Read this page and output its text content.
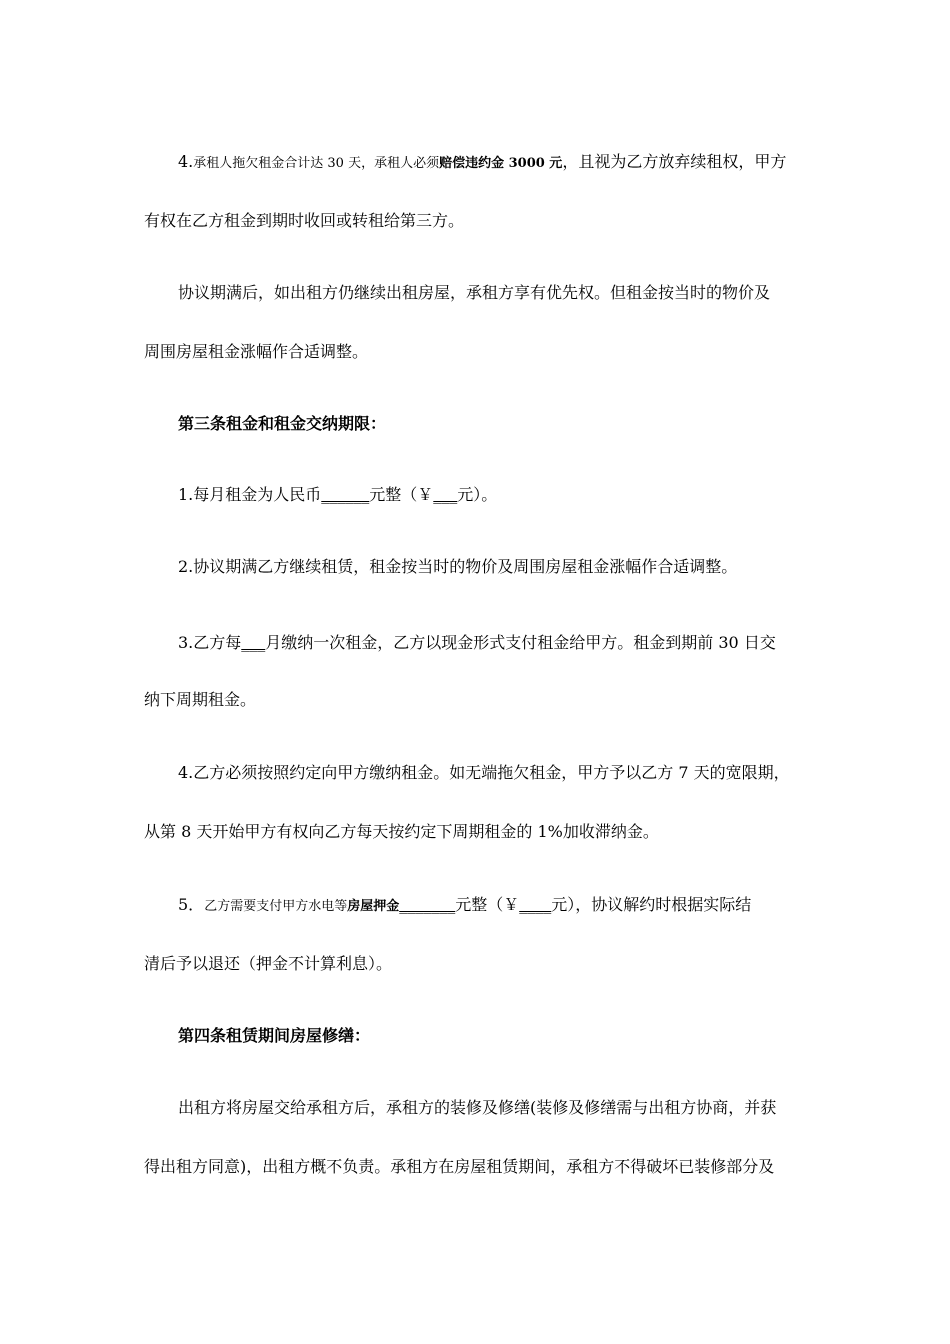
4.承租人拖欠租金合计达 30 天，承租人必须赔偿违约金 3000 元，且视为乙方放弃续租权，甲方
有权在乙方租金到期时收回或转租给第三方。
协议期满后，如出租方仍继续出租房屋，承租方享有优先权。但租金按当时的物价及
周围房屋租金涨幅作合适调整。
第三条租金和租金交纳期限：
1.每月租金为人民币______元整（￥___元）。
2.协议期满乙方继续租赁，租金按当时的物价及周围房屋租金涨幅作合适调整。
3.乙方每___月缴纳一次租金，乙方以现金形式支付租金给甲方。租金到期前 30 日交
纳下周期租金。
4.乙方必须按照约定向甲方缴纳租金。如无端拖欠租金，甲方予以乙方 7 天的宽限期，
从第 8 天开始甲方有权向乙方每天按约定下周期租金的 1%加收滞纳金。
5．乙方需要支付甲方水电等房屋押金_______元整（￥____元），协议解约时根据实际结
清后予以退还（押金不计算利息）。
第四条租赁期间房屋修缮：
出租方将房屋交给承租方后，承租方的装修及修缮(装修及修缮需与出租方协商，并获
得出租方同意)，出租方概不负责。承租方在房屋租赁期间，承租方不得破坏已装修部分及
